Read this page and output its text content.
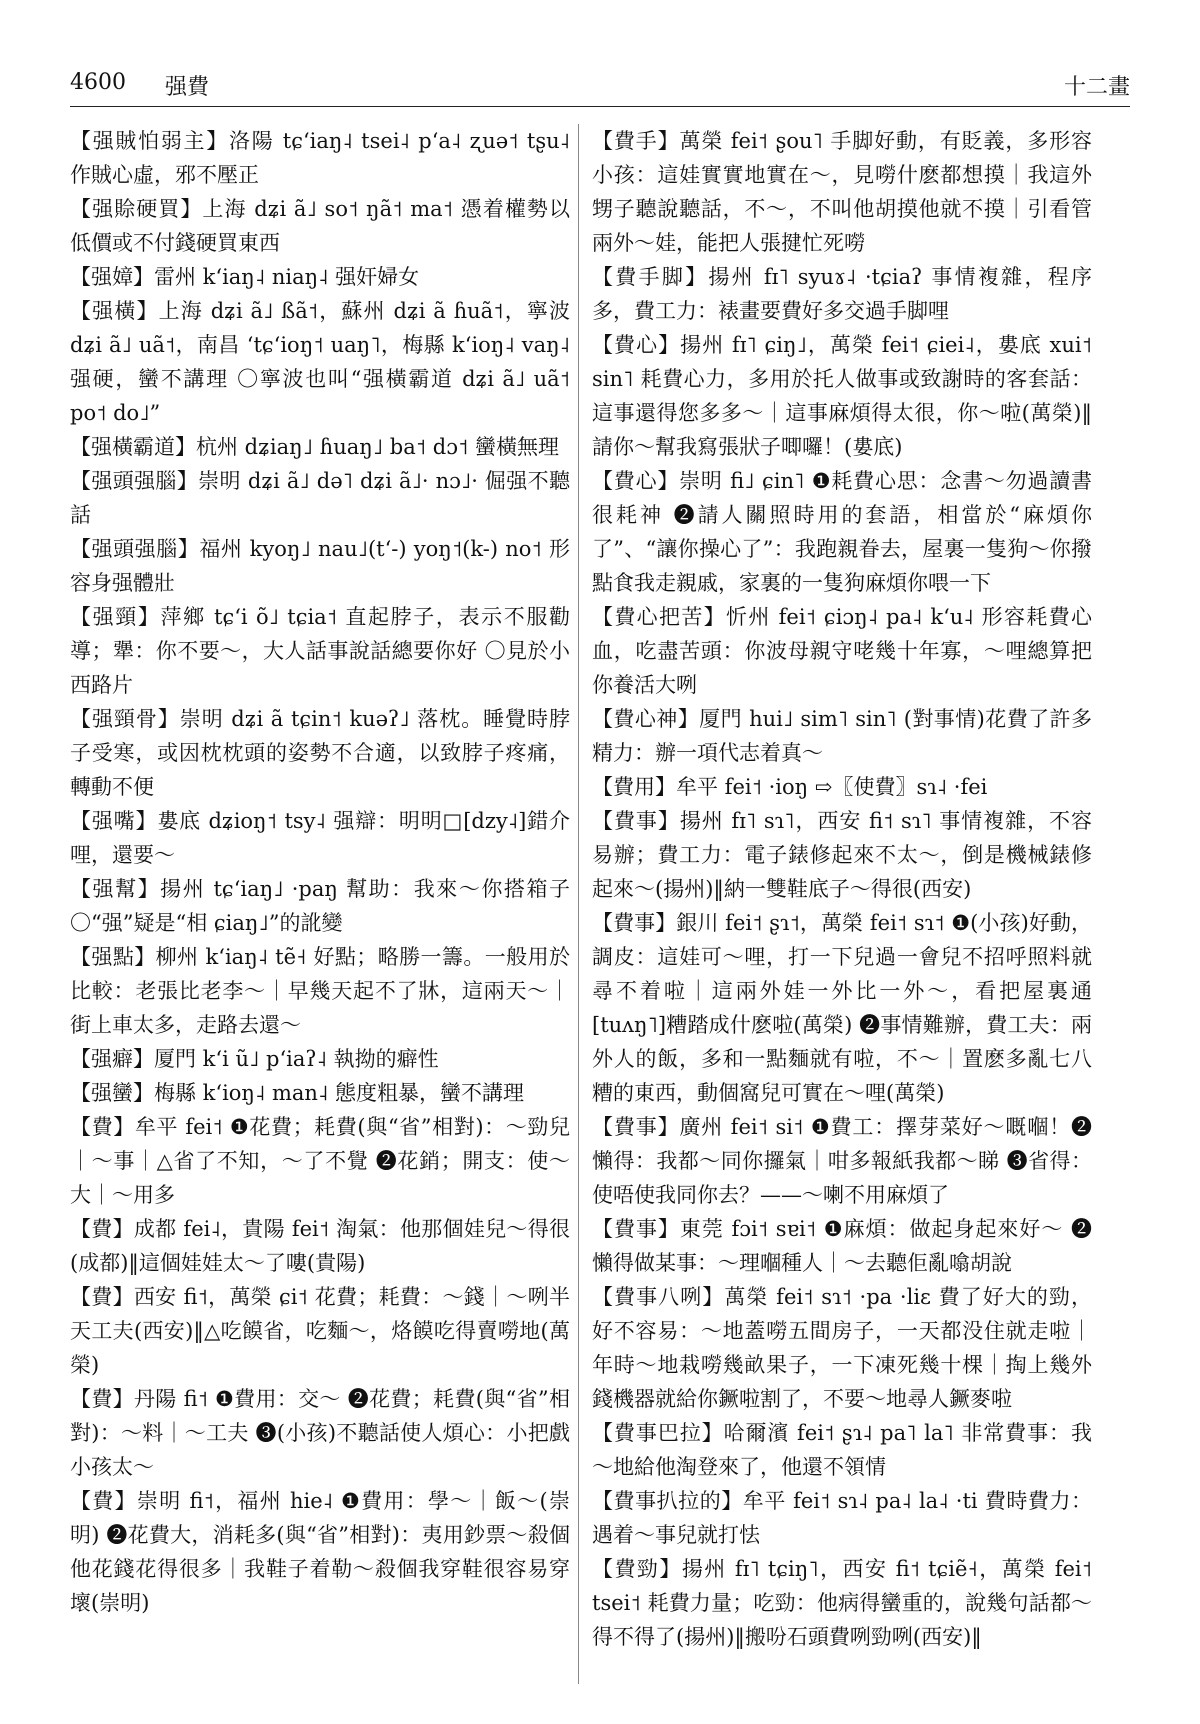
4600 强費	十二畫
【强賊怕弱主】洛陽 tɕʻiaŋ˨ tsei˨ pʻa˨ ʐuə˦ tʂu˨ 作賊心虛，邪不壓正
【强賒硬買】上海 dʑi ã˩ so˦ ŋã˦ ma˦ 憑着權勢以低價或不付錢硬買東西
【强嫜】雷州 kʻiaŋ˨ niaŋ˨ 强奸婦女
【强橫】上海 dʑi ã˩ ßã˦，蘇州 dʑi ã ɦuã˦，寧波 dʑi ã˩ uã˦，南昌 ʻtɕʻioŋ˦ uaŋ˥，梅縣 kʻioŋ˨ vaŋ˨ 强硬，蠻不講理 〇寧波也叫“强橫霸道 dʑi ã˩ uã˦ po˦ do˩”
【强橫霸道】杭州 dʑiaŋ˩ ɦuaŋ˩ ba˦ dɔ˦ 蠻橫無理
【强頭强腦】崇明 dʑi ã˩ də˥ dʑi ã˩· nɔ˩· 倔强不聽話
【强頭强腦】福州 kyoŋ˩ nau˩(tʻ-) yoŋ˦(k-) no˦ 形容身强體壯
【强頸】萍鄉 tɕʻi õ˩ tɕia˦ 直起脖子，表示不服勸導；犟：你不要～，大人話事說話總要你好 〇見於小西路片
【强頸骨】崇明 dʑi ã tɕin˦ kuəʔ˩ 落枕。睡覺時脖子受寒，或因枕枕頭的姿勢不合適，以致脖子疼痛，轉動不便
【强嘴】婁底 dʑioŋ˦ tsy˨ 强辯：明明□[dzy˨]錯介哩，還要～
【强幫】揚州 tɕʻiaŋ˩ ·paŋ 幫助：我來～你搭箱子 〇“强”疑是“相 ɕiaŋ˩”的訛變
【强點】柳州 kʻiaŋ˨ tẽ˧ 好點；略勝一籌。一般用於比較：老張比老李～｜早幾天起不了牀，這兩天～｜街上車太多，走路去還～
【强癖】厦門 kʻi ũ˩ pʻiaʔ˨ 執拗的癖性
【强蠻】梅縣 kʻioŋ˨ man˨ 態度粗暴，蠻不講理
【費】牟平 fei˦ ❶花費；耗費(與“省”相對)：～勁兒｜～事｜△省了不知，～了不覺 ❷花銷；開支：使～大｜～用多
【費】成都 fei˨，貴陽 fei˦ 淘氣：他那個娃兒～得很(成都)‖這個娃娃太～了嘍(貴陽)
【費】西安 fi˦，萬榮 ɕi˦ 花費；耗費：～錢｜～咧半天工夫(西安)‖△吃饃省，吃麵～，烙饃吃得賣嘮地(萬榮)
【費】丹陽 fi˦ ❶費用：交～ ❷花費；耗費(與“省”相對)：～料｜～工夫 ❸(小孩)不聽話使人煩心：小把戲小孩太～
【費】崇明 fi˦，福州 hie˨ ❶費用：學～｜飯～(崇明) ❷花費大，消耗多(與“省”相對)：夷用鈔票～殺個他花錢花得很多｜我鞋子着勒～殺個我穿鞋很容易穿壞(崇明)
【費手】萬榮 fei˦ ʂou˥ 手脚好動，有貶義，多形容小孩：這娃實實地實在～，見嘮什麽都想摸｜我這外甥子聽說聽話，不～，不叫他胡摸他就不摸｜引看管兩外～娃，能把人張揵忙死嘮
【費手脚】揚州 fɪ˥ syuɤ˨ ·tɕiaʔ 事情複雜，程序多，費工力：裱畫要費好多交過手脚哩
【費心】揚州 fɪ˥ ɕiŋ˩，萬榮 fei˦ ɕiei˨，婁底 xui˦ sin˥ 耗費心力，多用於托人做事或致謝時的客套話：這事還得您多多～｜這事麻煩得太很，你～啦(萬榮)‖請你～幫我寫張狀子唧囉！(婁底)
【費心】崇明 fi˩ ɕin˥ ❶耗費心思：念書～勿過讀書很耗神 ❷請人關照時用的套語，相當於“麻煩你了”、“讓你操心了”：我跑親眷去，屋裏一隻狗～你撥點食我走親戚，家裏的一隻狗麻煩你喂一下
【費心把苦】忻州 fei˦ ɕiɔŋ˨ pa˨ kʻu˨ 形容耗費心血，吃盡苦頭：你波母親守咾幾十年寡，～哩總算把你養活大咧
【費心神】厦門 hui˩ sim˥ sin˥ (對事情)花費了許多精力：辦一項代志着真～
【費用】牟平 fei˦ ·ioŋ ⇨〖使費〗sɿ˨ ·fei
【費事】揚州 fɪ˥ sɿ˥，西安 fi˦ sɿ˥ 事情複雜，不容易辦；費工力：電子錶修起來不太～，倒是機械錶修起來～(揚州)‖納一雙鞋底子～得很(西安)
【費事】銀川 fei˦ ʂɿ˦，萬榮 fei˦ sɿ˦ ❶(小孩)好動，調皮：這娃可～哩，打一下兒過一會兒不招呼照料就尋不着啦｜這兩外娃一外比一外～，看把屋裏通[tuʌŋ˥]糟踏成什麽啦(萬榮) ❷事情難辦，費工夫：兩外人的飯，多和一點麵就有啦，不～｜置麽多亂七八糟的東西，動個窩兒可實在～哩(萬榮)
【費事】廣州 fei˦ si˦ ❶費工：擇芽菜好～嘅嗰！❷懶得：我都～同你攞氣｜咁多報紙我都～睇 ❸省得：使唔使我同你去？——～喇不用麻煩了
【費事】東莞 fɔi˦ sɐi˦ ❶麻煩：做起身起來好～ ❷懶得做某事：～理嗰種人｜～去聽佢亂噏胡說
【費事八咧】萬榮 fei˦ sɿ˦ ·pa ·liɛ 費了好大的勁，好不容易：～地蓋嘮五間房子，一天都没住就走啦｜年時～地栽嘮幾畝果子，一下凍死幾十棵｜掏上幾外錢機器就給你鐝啦割了，不要～地尋人鐝麥啦
【費事巴拉】哈爾濱 fei˦ ʂɿ˨ pa˥ la˥ 非常費事：我～地給他淘登來了，他還不領情
【費事扒拉的】牟平 fei˦ sɿ˨ pa˨ la˨ ·ti 費時費力：遇着～事兒就打怯
【費勁】揚州 fɪ˥ tɕiŋ˥，西安 fi˦ tɕiẽ˧，萬榮 fei˦ tsei˦ 耗費力量；吃勁：他病得蠻重的，說幾句話都～得不得了(揚州)‖搬吩石頭費咧勁咧(西安)‖
